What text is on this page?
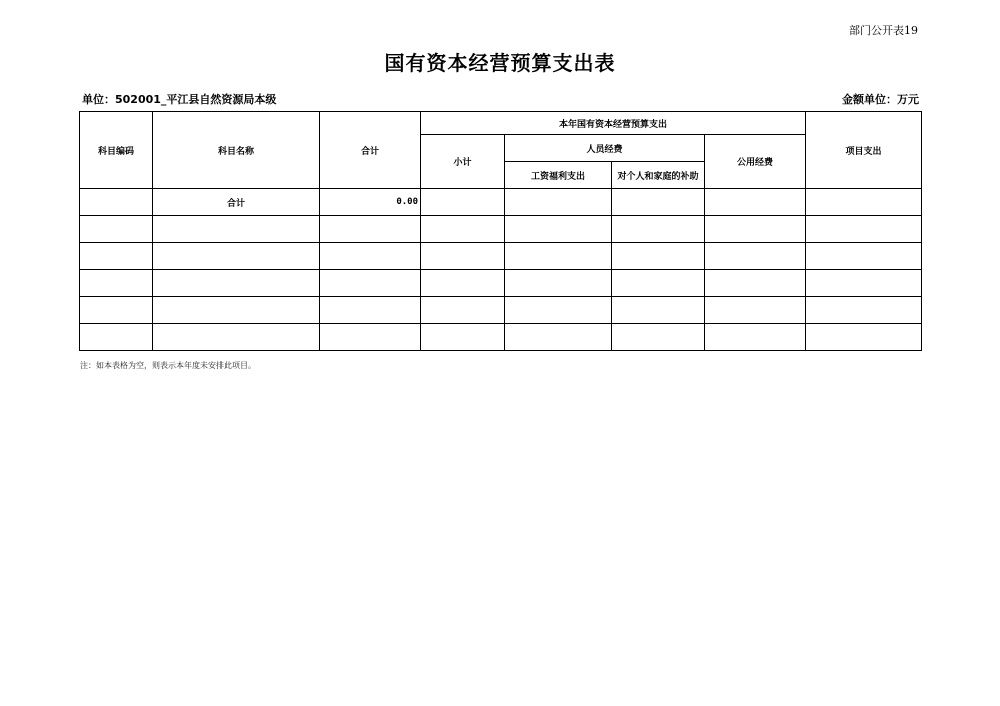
部门公开表19
国有资本经营预算支出表
单位：502001_平江县自然资源局本级	金额单位：万元
科目编码	科目名称	合计	本年国有资本经营预算支出				项目支出
			小计	人员经费		公用经费	
				工资福利支出	对个人和家庭的补助		
	合计	0.00					

注：如本表格为空，则表示本年度未安排此项目。
